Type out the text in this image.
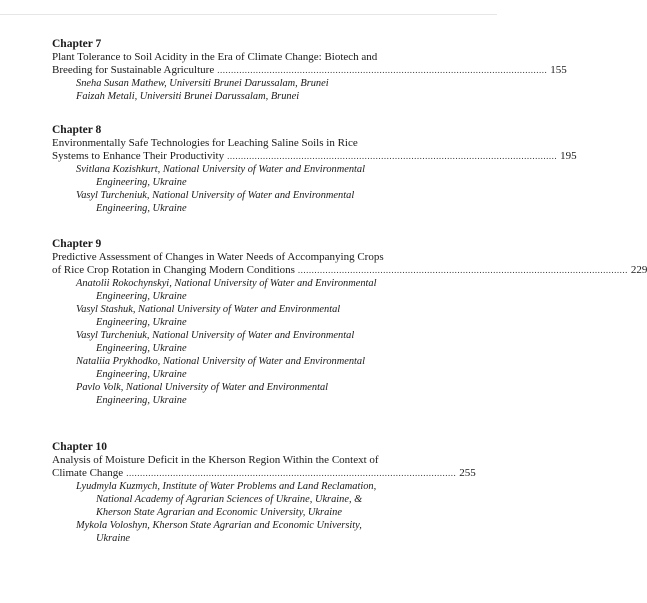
Chapter 7

Plant Tolerance to Soil Acidity in the Era of Climate Change: Biotech and

Breeding for Sustainable Agriculture ........................................................................................................................ 155

Sneha Susan Mathew, Universiti Brunei Darussalam, Brunei

Faizah Metali, Universiti Brunei Darussalam, Brunei

Chapter 8

Environmentally Safe Technologies for Leaching Saline Soils in Rice

Systems to Enhance Their Productivity ........................................................................................................................ 195

Svitlana Kozishkurt, National University of Water and Environmental

Engineering, Ukraine

Vasyl Turcheniuk, National University of Water and Environmental

Engineering, Ukraine

Chapter 9

Predictive Assessment of Changes in Water Needs of Accompanying Crops

of Rice Crop Rotation in Changing Modern Conditions ........................................................................................................................ 229

Anatolii Rokochynskyi, National University of Water and Environmental

Engineering, Ukraine

Vasyl Stashuk, National University of Water and Environmental

Engineering, Ukraine

Vasyl Turcheniuk, National University of Water and Environmental

Engineering, Ukraine

Nataliia Prykhodko, National University of Water and Environmental

Engineering, Ukraine

Pavlo Volk, National University of Water and Environmental

Engineering, Ukraine

Chapter 10

Analysis of Moisture Deficit in the Kherson Region Within the Context of

Climate Change ........................................................................................................................ 255

Lyudmyla Kuzmych, Institute of Water Problems and Land Reclamation,

National Academy of Agrarian Sciences of Ukraine, Ukraine, &

Kherson State Agrarian and Economic University, Ukraine

Mykola Voloshyn, Kherson State Agrarian and Economic University,

Ukraine
